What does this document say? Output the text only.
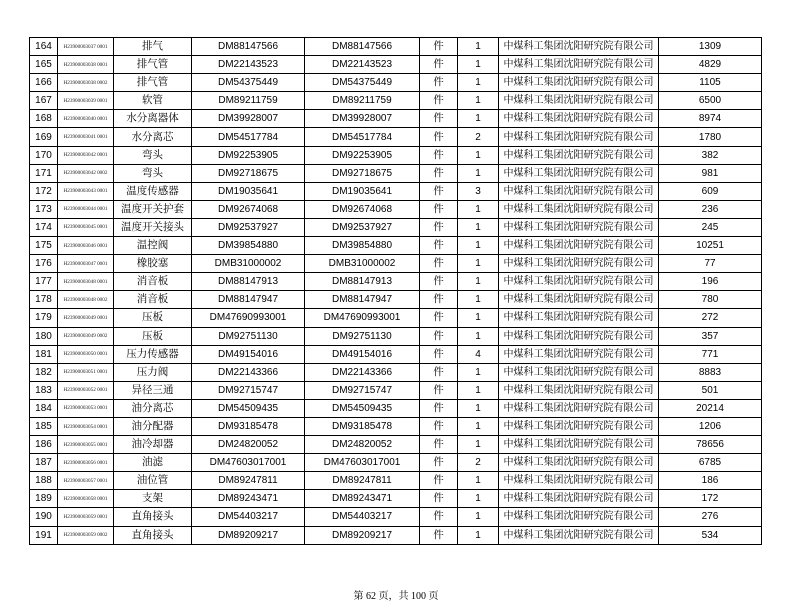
164	H23900003037 0001	排气	DM88147566	DM88147566	件	1	中煤科工集团沈阳研究院有限公司	1309
165	H23900003038 0001	排气管	DM22143523	DM22143523	件	1	中煤科工集团沈阳研究院有限公司	4829
166	H23900003038 0002	排气管	DM54375449	DM54375449	件	1	中煤科工集团沈阳研究院有限公司	1105
167	H23900003039 0001	软管	DM89211759	DM89211759	件	1	中煤科工集团沈阳研究院有限公司	6500
168	H23900003040 0001	水分离器体	DM39928007	DM39928007	件	1	中煤科工集团沈阳研究院有限公司	8974
169	H23900003041 0001	水分离芯	DM54517784	DM54517784	件	2	中煤科工集团沈阳研究院有限公司	1780
170	H23900003042 0001	弯头	DM92253905	DM92253905	件	1	中煤科工集团沈阳研究院有限公司	382
171	H23900003042 0002	弯头	DM92718675	DM92718675	件	1	中煤科工集团沈阳研究院有限公司	981
172	H23900003043 0001	温度传感器	DM19035641	DM19035641	件	3	中煤科工集团沈阳研究院有限公司	609
173	H23900003044 0001	温度开关护套	DM92674068	DM92674068	件	1	中煤科工集团沈阳研究院有限公司	236
174	H23900003045 0001	温度开关接头	DM92537927	DM92537927	件	1	中煤科工集团沈阳研究院有限公司	245
175	H23900003046 0001	温控阀	DM39854880	DM39854880	件	1	中煤科工集团沈阳研究院有限公司	10251
176	H23900003047 0001	橡胶塞	DMB31000002	DMB31000002	件	1	中煤科工集团沈阳研究院有限公司	77
177	H23900003048 0001	消音板	DM88147913	DM88147913	件	1	中煤科工集团沈阳研究院有限公司	196
178	H23900003048 0002	消音板	DM88147947	DM88147947	件	1	中煤科工集团沈阳研究院有限公司	780
179	H23900003049 0001	压板	DM47690993001	DM47690993001	件	1	中煤科工集团沈阳研究院有限公司	272
180	H23900003049 0002	压板	DM92751130	DM92751130	件	1	中煤科工集团沈阳研究院有限公司	357
181	H23900003050 0001	压力传感器	DM49154016	DM49154016	件	4	中煤科工集团沈阳研究院有限公司	771
182	H23900003051 0001	压力阀	DM22143366	DM22143366	件	1	中煤科工集团沈阳研究院有限公司	8883
183	H23900003052 0001	异径三通	DM92715747	DM92715747	件	1	中煤科工集团沈阳研究院有限公司	501
184	H23900003053 0001	油分离芯	DM54509435	DM54509435	件	1	中煤科工集团沈阳研究院有限公司	20214
185	H23900003054 0001	油分配器	DM93185478	DM93185478	件	1	中煤科工集团沈阳研究院有限公司	1206
186	H23900003055 0001	油冷却器	DM24820052	DM24820052	件	1	中煤科工集团沈阳研究院有限公司	78656
187	H23900003056 0001	油滤	DM47603017001	DM47603017001	件	2	中煤科工集团沈阳研究院有限公司	6785
188	H23900003057 0001	油位管	DM89247811	DM89247811	件	1	中煤科工集团沈阳研究院有限公司	186
189	H23900003058 0001	支架	DM89243471	DM89243471	件	1	中煤科工集团沈阳研究院有限公司	172
190	H23900003059 0001	直角接头	DM54403217	DM54403217	件	1	中煤科工集团沈阳研究院有限公司	276
191	H23900003059 0002	直角接头	DM89209217	DM89209217	件	1	中煤科工集团沈阳研究院有限公司	534
第 62 页，共 100 页
